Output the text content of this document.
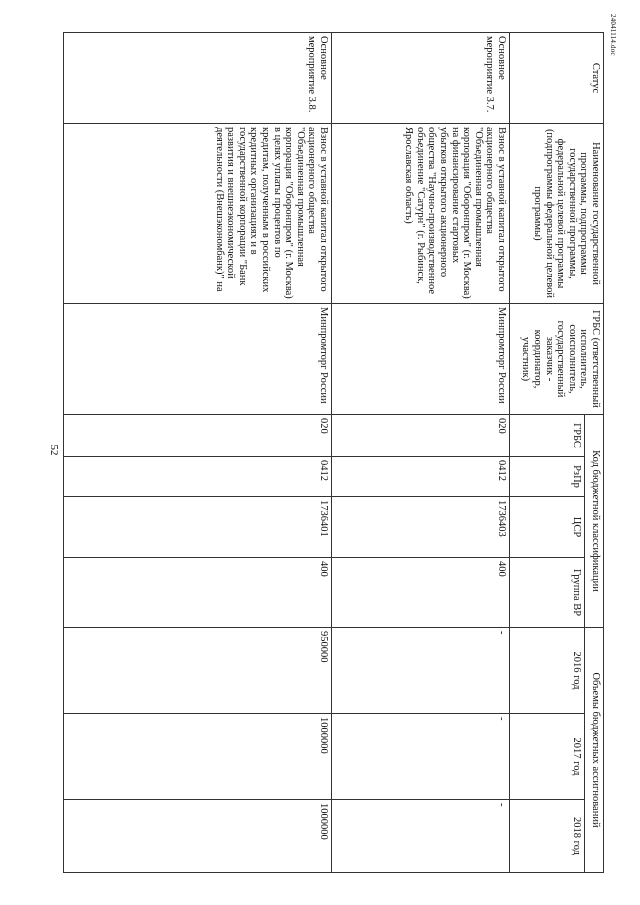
24041114.doc
52
Статус	Наименование государственной программы, подпрограммы государственной программы, федеральной целевой программы (подпрограммы федеральной целевой программы)	ГРБС (ответственный исполнитель, соисполнитель, государственный заказчик - координатор, участник)	Код бюджетной классификации				Объемы бюджетных ассигнований		
			ГРБС	РзПр	ЦСР	Группа ВР	2016 год	2017 год	2018 год
Основное мероприятие 3.7.	Взнос в уставной капитал открытого акционерного общества "Объединенная промышленная корпорация "Оборонпром" (г. Москва) на финансирование стартовых убытков открытого акционерного общества "Научно-производственное объединение "Сатурн" (г. Рыбинск, Ярославская область)	Минпромторг России	020	0412	1736403	400	-	-	-
Основное мероприятие 3.8.	Взнос в уставной капитал открытого акционерного общества "Объединенная промышленная корпорация "Оборонпром" (г. Москва) в целях уплаты процентов по кредитам, полученным в российских кредитных организациях и в государственной корпорации "Банк развития и внешнеэкономической деятельности (Внешэкономбанк)" на	Минпромторг России	020	0412	1736401	400	950000	1000000	1000000
